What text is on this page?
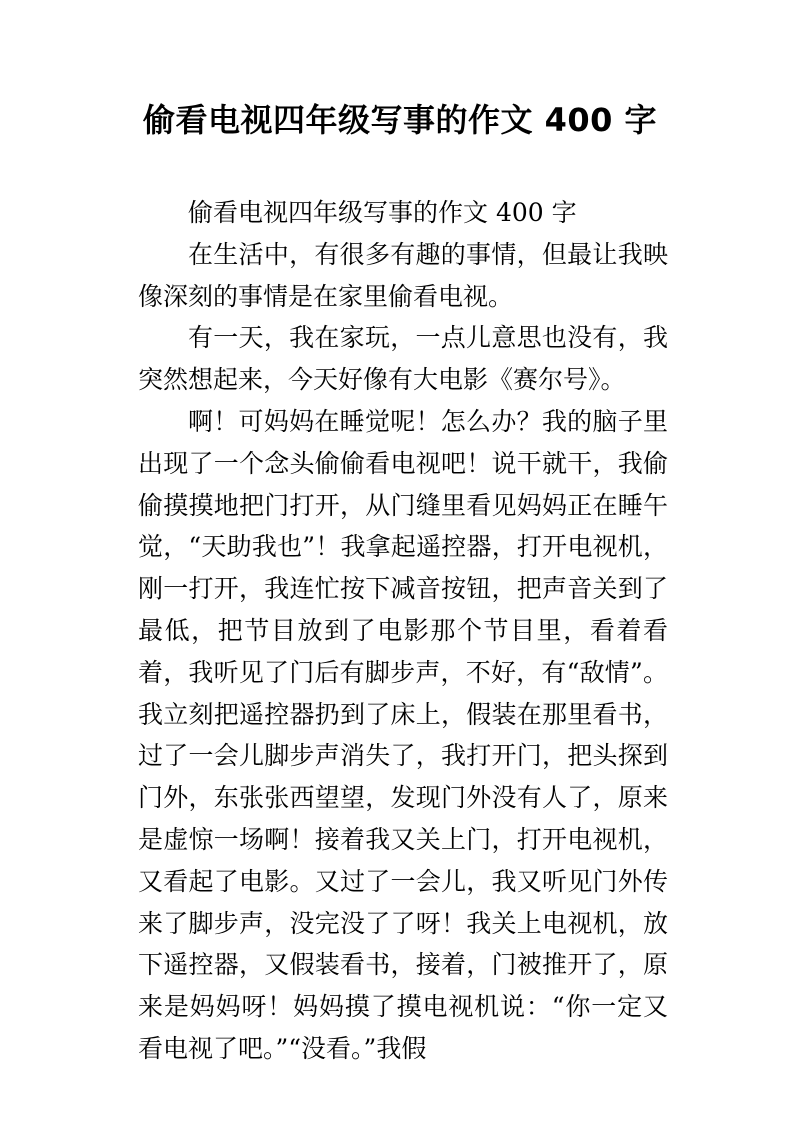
偷看电视四年级写事的作文 400 字

偷看电视四年级写事的作文 400 字

在生活中，有很多有趣的事情，但最让我映像深刻的事情是在家里偷看电视。

有一天，我在家玩，一点儿意思也没有，我突然想起来，今天好像有大电影《赛尔号》。

啊！可妈妈在睡觉呢！怎么办？我的脑子里出现了一个念头偷偷看电视吧！说干就干，我偷偷摸摸地把门打开，从门缝里看见妈妈正在睡午觉，“天助我也”！我拿起遥控器，打开电视机，刚一打开，我连忙按下减音按钮，把声音关到了最低，把节目放到了电影那个节目里，看着看着，我听见了门后有脚步声，不好，有“敌情”。我立刻把遥控器扔到了床上，假装在那里看书，过了一会儿脚步声消失了，我打开门，把头探到门外，东张张西望望，发现门外没有人了，原来是虚惊一场啊！接着我又关上门，打开电视机，又看起了电影。又过了一会儿，我又听见门外传来了脚步声，没完没了了呀！我关上电视机，放下遥控器，又假装看书，接着，门被推开了，原来是妈妈呀！妈妈摸了摸电视机说：“你一定又看电视了吧。”“没看。”我假
